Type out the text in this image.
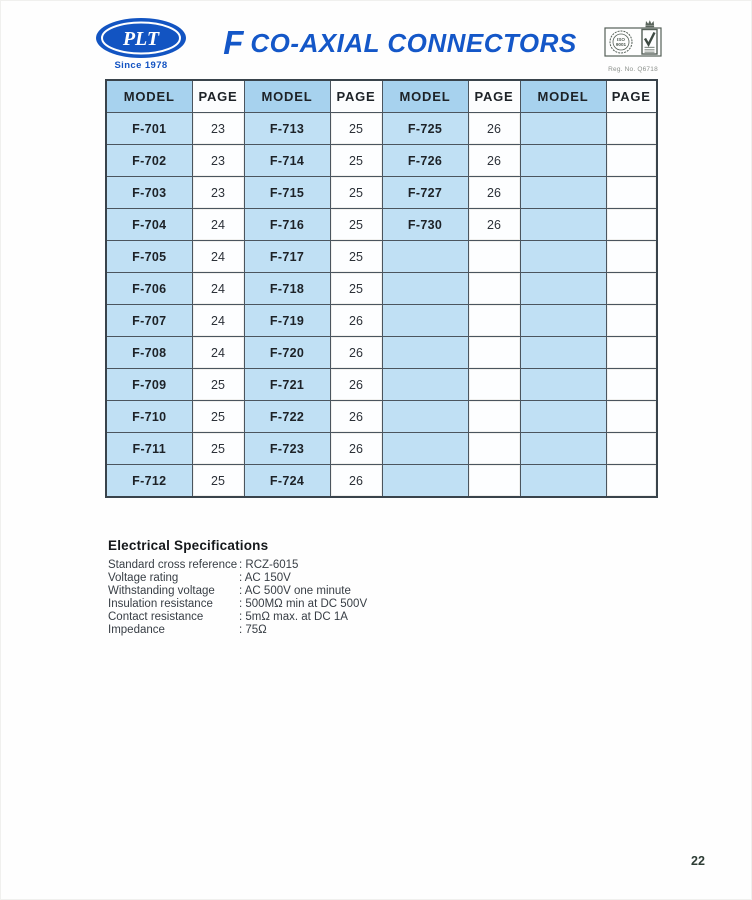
PLT
Since 1978
F CO-AXIAL CONNECTORS	ISO
9001
Reg. No. Q6718
MODEL	PAGE	MODEL	PAGE	MODEL	PAGE	MODEL	PAGE
F-701	23	F-713	25	F-725	26		
F-702	23	F-714	25	F-726	26		
F-703	23	F-715	25	F-727	26		
F-704	24	F-716	25	F-730	26		
F-705	24	F-717	25				
F-706	24	F-718	25				
F-707	24	F-719	26				
F-708	24	F-720	26				
F-709	25	F-721	26				
F-710	25	F-722	26				
F-711	25	F-723	26				
F-712	25	F-724	26				
Electrical Specifications
Standard cross reference : RCZ-6015
Voltage rating	: AC 150V
Withstanding voltage : AC 500V one minute
Insulation resistance : 500MΩ min at DC 500V
Contact resistance	: 5mΩ max. at DC 1A
Impedance	: 75Ω
22
